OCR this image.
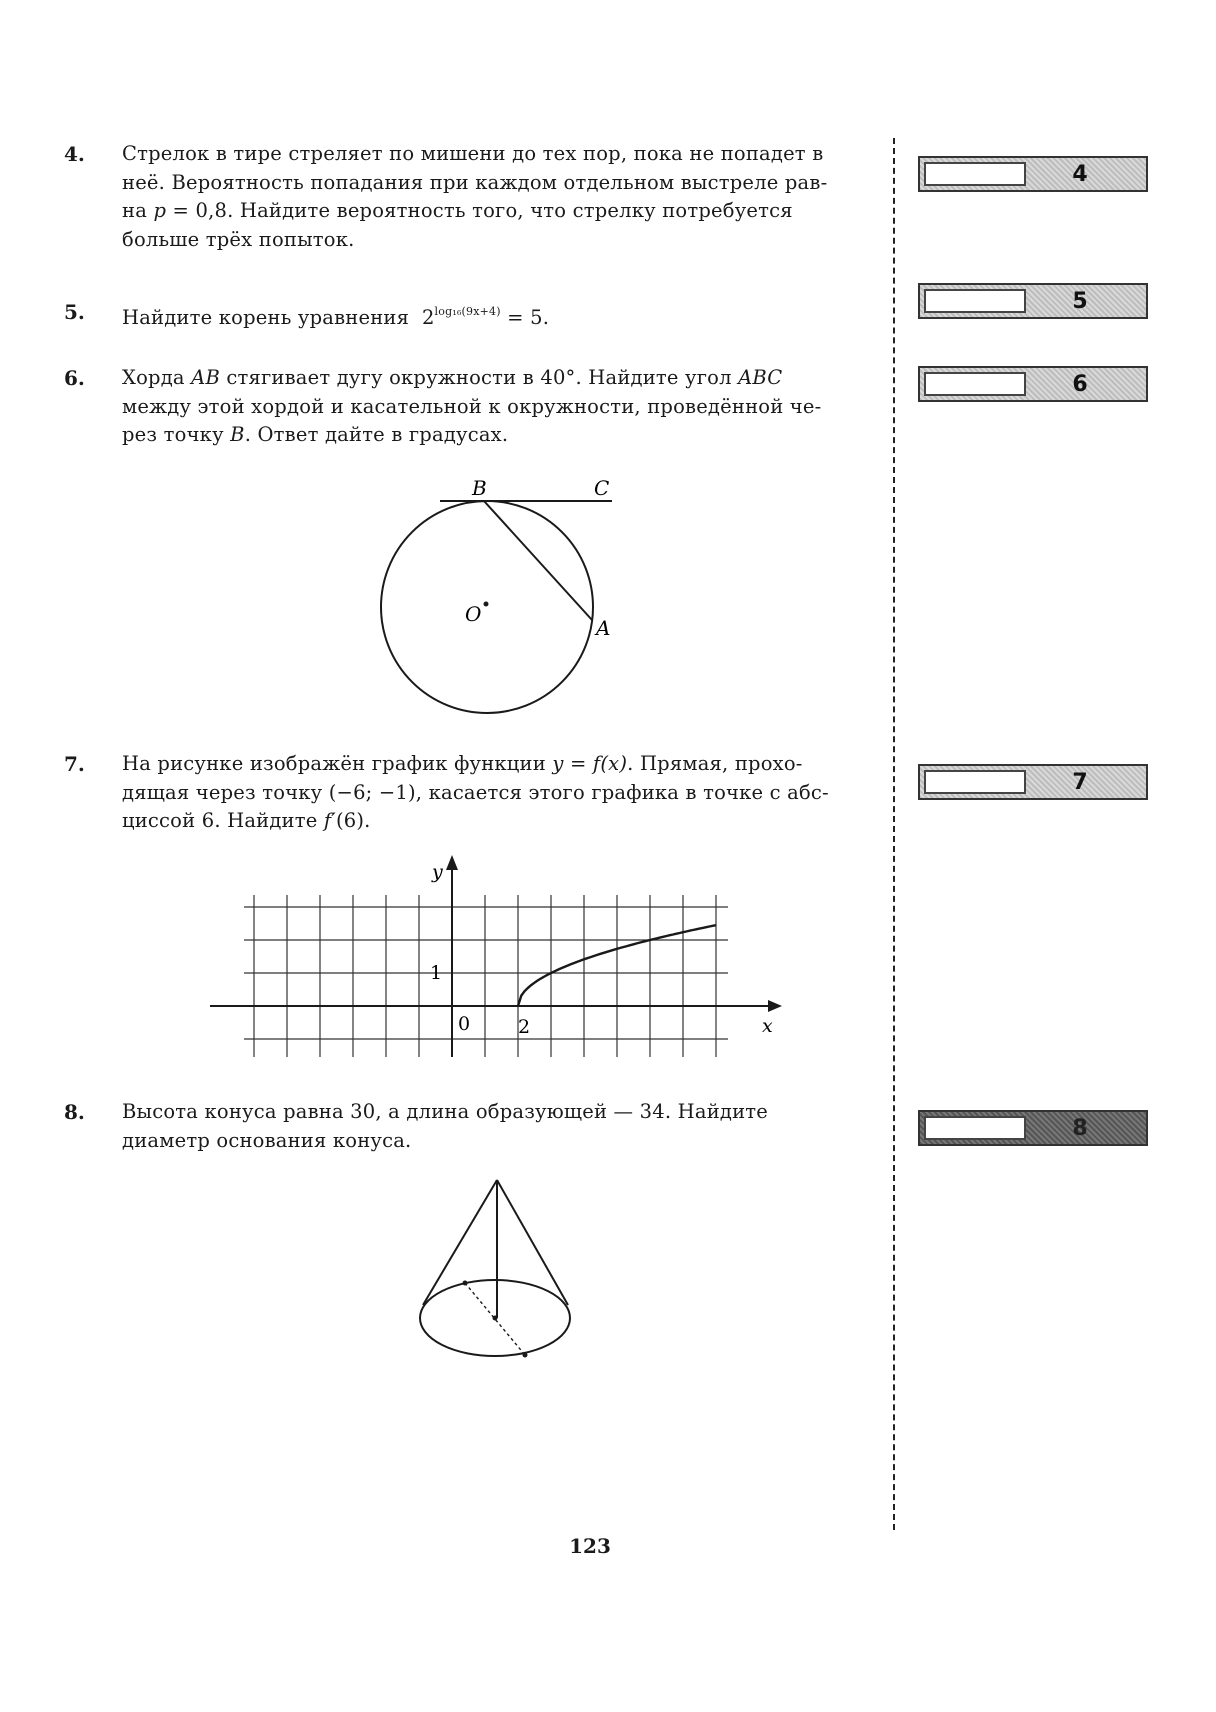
4. Стрелок в тире стреляет по мишени до тех пор, пока не попадет в
неё. Вероятность попадания при каждом отдельном выстреле рав-
на p = 0,8. Найдите вероятность того, что стрелку потребуется
больше трёх попыток.
4
5. Найдите корень уравнения $2^{log_{16}(9x+4)} = 5$.
5
6. Хорда AB стягивает дугу окружности в 40°. Найдите угол ABC
между этой хордой и касательной к окружности, проведённой че-
рез точку B. Ответ дайте в градусах.
6
B	C
O
A
7. На рисунке изображён график функции y = f(x). Прямая, прохо-
дящая через точку (−6; −1), касается этого графика в точке с абс-
циссой 6. Найдите f′(6).
7
y
x
0	2
1
8. Высота конуса равна 30, а длина образующей — 34. Найдите
диаметр основания конуса.	8
123
